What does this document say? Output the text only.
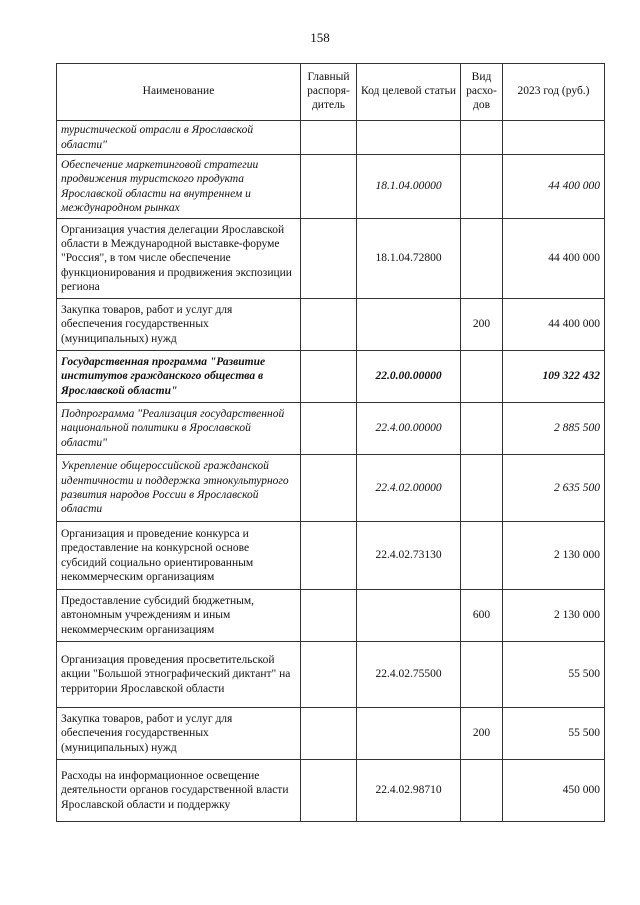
158
Наименование	Главный распоря-дитель	Код целевой статьи	Вид расхо-дов	2023 год (руб.)
туристической отрасли в Ярославской области"				
Обеспечение маркетинговой стратегии продвижения туристского продукта Ярославской области на внутреннем и международном рынках		18.1.04.00000		44 400 000
Организация участия делегации Ярославской области в Международной выставке-форуме "Россия", в том числе обеспечение функционирования и продвижения экспозиции региона		18.1.04.72800		44 400 000
Закупка товаров, работ и услуг для обеспечения государственных (муниципальных) нужд			200	44 400 000
Государственная программа "Развитие институтов гражданского общества в Ярославской области"		22.0.00.00000		109 322 432
Подпрограмма "Реализация государственной национальной политики в Ярославской области"		22.4.00.00000		2 885 500
Укрепление общероссийской гражданской идентичности и поддержка этнокультурного развития народов России в Ярославской области		22.4.02.00000		2 635 500
Организация и проведение конкурса и предоставление на конкурсной основе субсидий социально ориентированным некоммерческим организациям		22.4.02.73130		2 130 000
Предоставление субсидий бюджетным, автономным учреждениям и иным некоммерческим организациям			600	2 130 000
Организация проведения просветительской акции "Большой этнографический диктант" на территории Ярославской области		22.4.02.75500		55 500
Закупка товаров, работ и услуг для обеспечения государственных (муниципальных) нужд			200	55 500
Расходы на информационное освещение деятельности органов государственной власти Ярославской области и поддержку		22.4.02.98710		450 000
